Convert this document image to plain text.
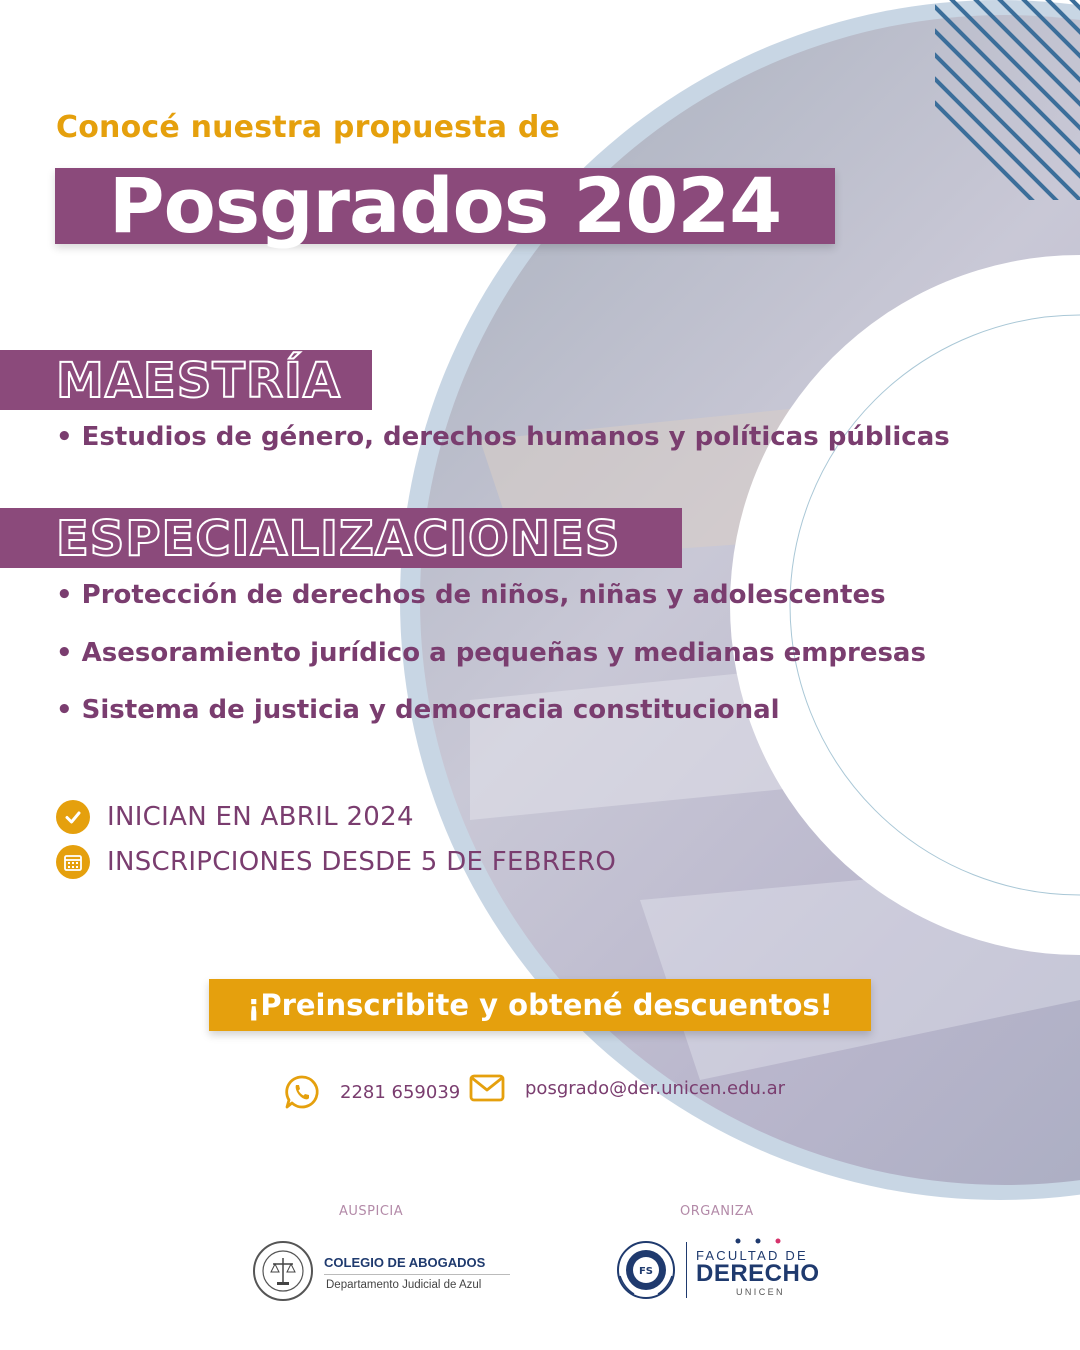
Conocé nuestra propuesta de
Posgrados 2024
MAESTRÍA
• Estudios de género, derechos humanos y políticas públicas
ESPECIALIZACIONES
• Protección de derechos de niños, niñas y adolescentes
• Asesoramiento jurídico a pequeñas y medianas empresas
• Sistema de justicia y democracia constitucional
INICIAN EN ABRIL 2024
INSCRIPCIONES DESDE 5 DE FEBRERO
¡Preinscribite y obtené descuentos!
2281 659039	posgrado@der.unicen.edu.ar
AUSPICIA	ORGANIZA
COLEGIO DE ABOGADOS
Departamento Judicial de Azul
FS
FACULTAD DE
DERECHO
UNICEN
